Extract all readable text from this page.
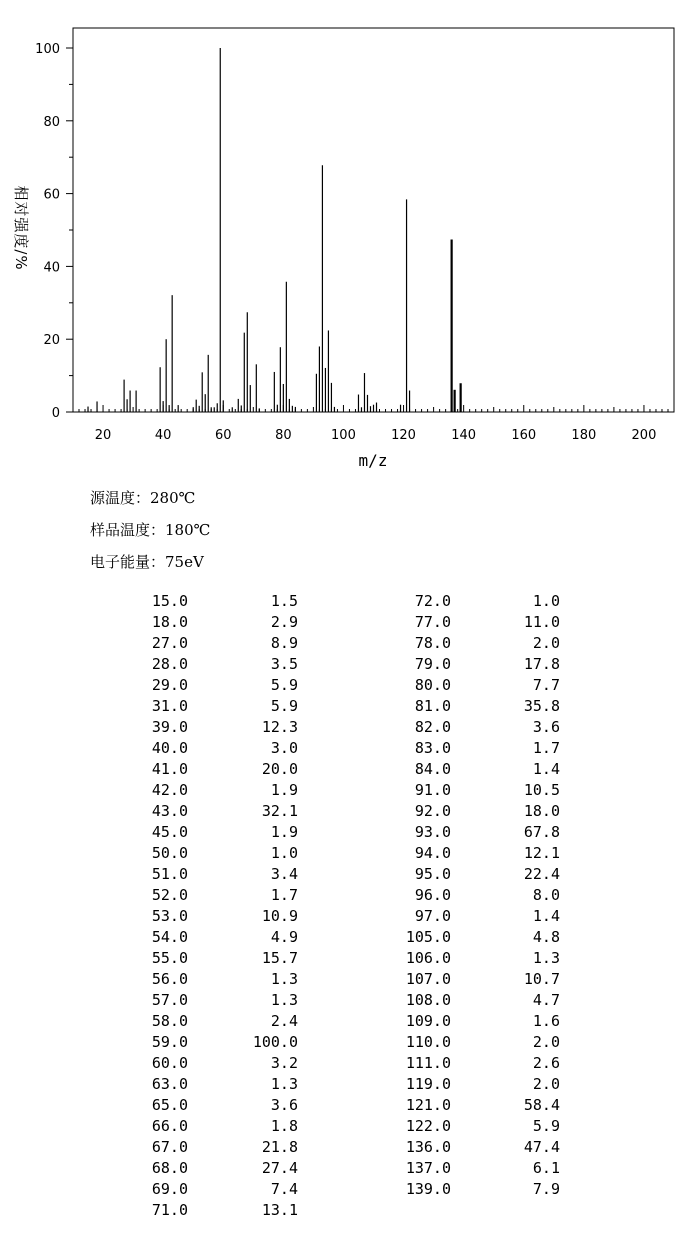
20	40	60	80	100	120	140	160	180	200
0
20
40
60
80
100
m/z
相对强度/%
源温度：280℃
样品温度：180℃
电子能量：75eV
15.0	1.5
18.0	2.9
27.0	8.9
28.0	3.5
29.0	5.9
31.0	5.9
39.0	12.3
40.0	3.0
41.0	20.0
42.0	1.9
43.0	32.1
45.0	1.9
50.0	1.0
51.0	3.4
52.0	1.7
53.0	10.9
54.0	4.9
55.0	15.7
56.0	1.3
57.0	1.3
58.0	2.4
59.0	100.0
60.0	3.2
63.0	1.3
65.0	3.6
66.0	1.8
67.0	21.8
68.0	27.4
69.0	7.4
71.0	13.1
72.0	1.0
77.0	11.0
78.0	2.0
79.0	17.8
80.0	7.7
81.0	35.8
82.0	3.6
83.0	1.7
84.0	1.4
91.0	10.5
92.0	18.0
93.0	67.8
94.0	12.1
95.0	22.4
96.0	8.0
97.0	1.4
105.0	4.8
106.0	1.3
107.0	10.7
108.0	4.7
109.0	1.6
110.0	2.0
111.0	2.6
119.0	2.0
121.0	58.4
122.0	5.9
136.0	47.4
137.0	6.1
139.0	7.9
